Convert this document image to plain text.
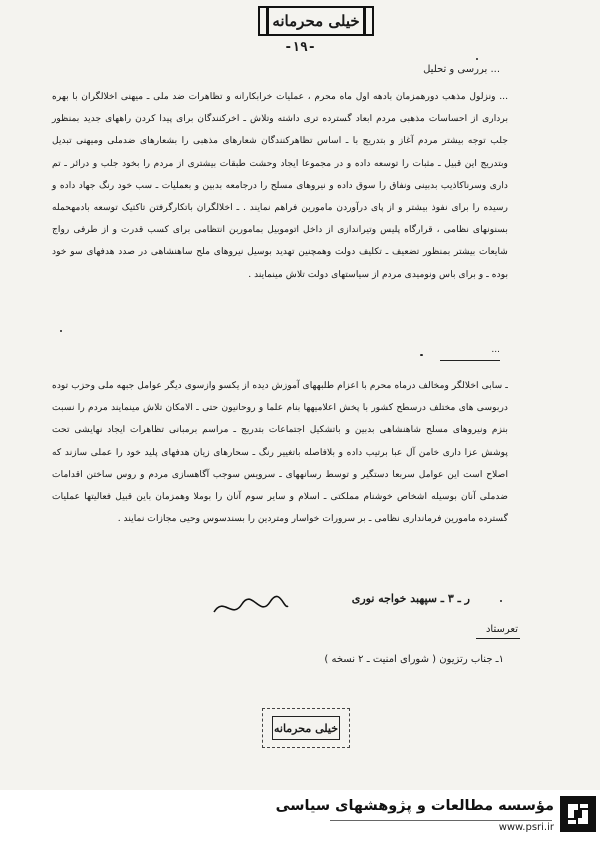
خیلی محرمانه
-۱۹-
... بررسی و تحلیل

... ونزلول مذهب دورهمزمان بادهه اول ماه محرم ، عملیات خرابکارانه و تظاهرات ضد ملی ـ میهنی اخلالگران با بهره برداری از احساسات مذهبی مردم ابعاد گسترده تری داشته وتلاش ـ اخرکنندگان برای پیدا کردن راههای جدید بمنظور جلب توجه بیشتر مردم آغاز و بتدریج با ـ اساس تظاهرکنندگان شعارهای مذهبی را بشعارهای ضدملی ومیهنی تبدیل وبتدریج این قبیل ـ مثبات را توسعه داده و در مجموعا ایجاد وحشت طبقات بیشتری از مردم را بخود جلب و درائر ـ تم داری وسرناکاذیب بدبینی ونفاق را سوق داده و نیروهای مسلح را درجامعه بدبین و بعملیات ـ سب خود رنگ جهاد داده و رسیده را برای نفوذ بیشتر و از پای درآوردن مامورین فراهم نمایند . ـ اخلالگران باتکارگرفتن تاکتیک توسعه بادمهحمله بسنونهای نظامی ، قرارگاه پلیس وتیراندازی از داخل اتوموبیل بماموربن انتظامی برای کسب قدرت و از طرفی رواج شایعات بیشتر بمنظور تضعیف ـ تکلیف دولت وهمچنین تهدید بوسیل نیروهای ملح ساهنشاهی در صدد هدفهای سو خود بوده ـ و برای باس ونومیدی مردم از سیاستهای دولت تلاش مینمایند .

...

ـ سابی اخلالگر ومخالف درماه محرم با اعزام طلبههای آموزش دیده از یکسو وازسوی دیگر عوامل جبهه ملی وحزب توده دربوسی های مختلف درسطح کشور با پخش اعلامیهها بنام علما و روحانیون حتی ـ الامکان تلاش مینمایند مردم را نسبت بنزم ونیروهای مسلح شاهنشاهی بدبین و باتشکیل اجتماعات بتدریج ـ مراسم برمبانی تظاهرات ایجاد نهایشی تحت پوشش عزا داری خامن آل عبا برتیب داده و بلافاصله باتغییر رنگ ـ سحارهای زیان هدفهای پلید خود را عملی سازند که اصلاح است این عوامل سربعا دستگیر و توسط رسانههای ـ سرویس سوجب آگاهسازی مردم و روس ساختن اقدامات ضدملی آنان بوسیله اشخاص خوشنام مملکتی ـ اسلام و سایر سوم آنان را بوملا وهمزمان باین قبیل فعالیتها عملیات گسترده مامورین فرمانداری نظامی ـ بر سرورات خواسار ومتردین را بسندسوس وحیی مجازات نمایند .

ر ـ ۳ ـ سپهبد خواجه نوری
تعرستاد
۱ـ جناب رتزیون ( شورای امنیت ـ ۲ نسخه )
خیلی محرمانه
مؤسسه مطالعات و پژوهشهای سیاسی
www.psri.ir
